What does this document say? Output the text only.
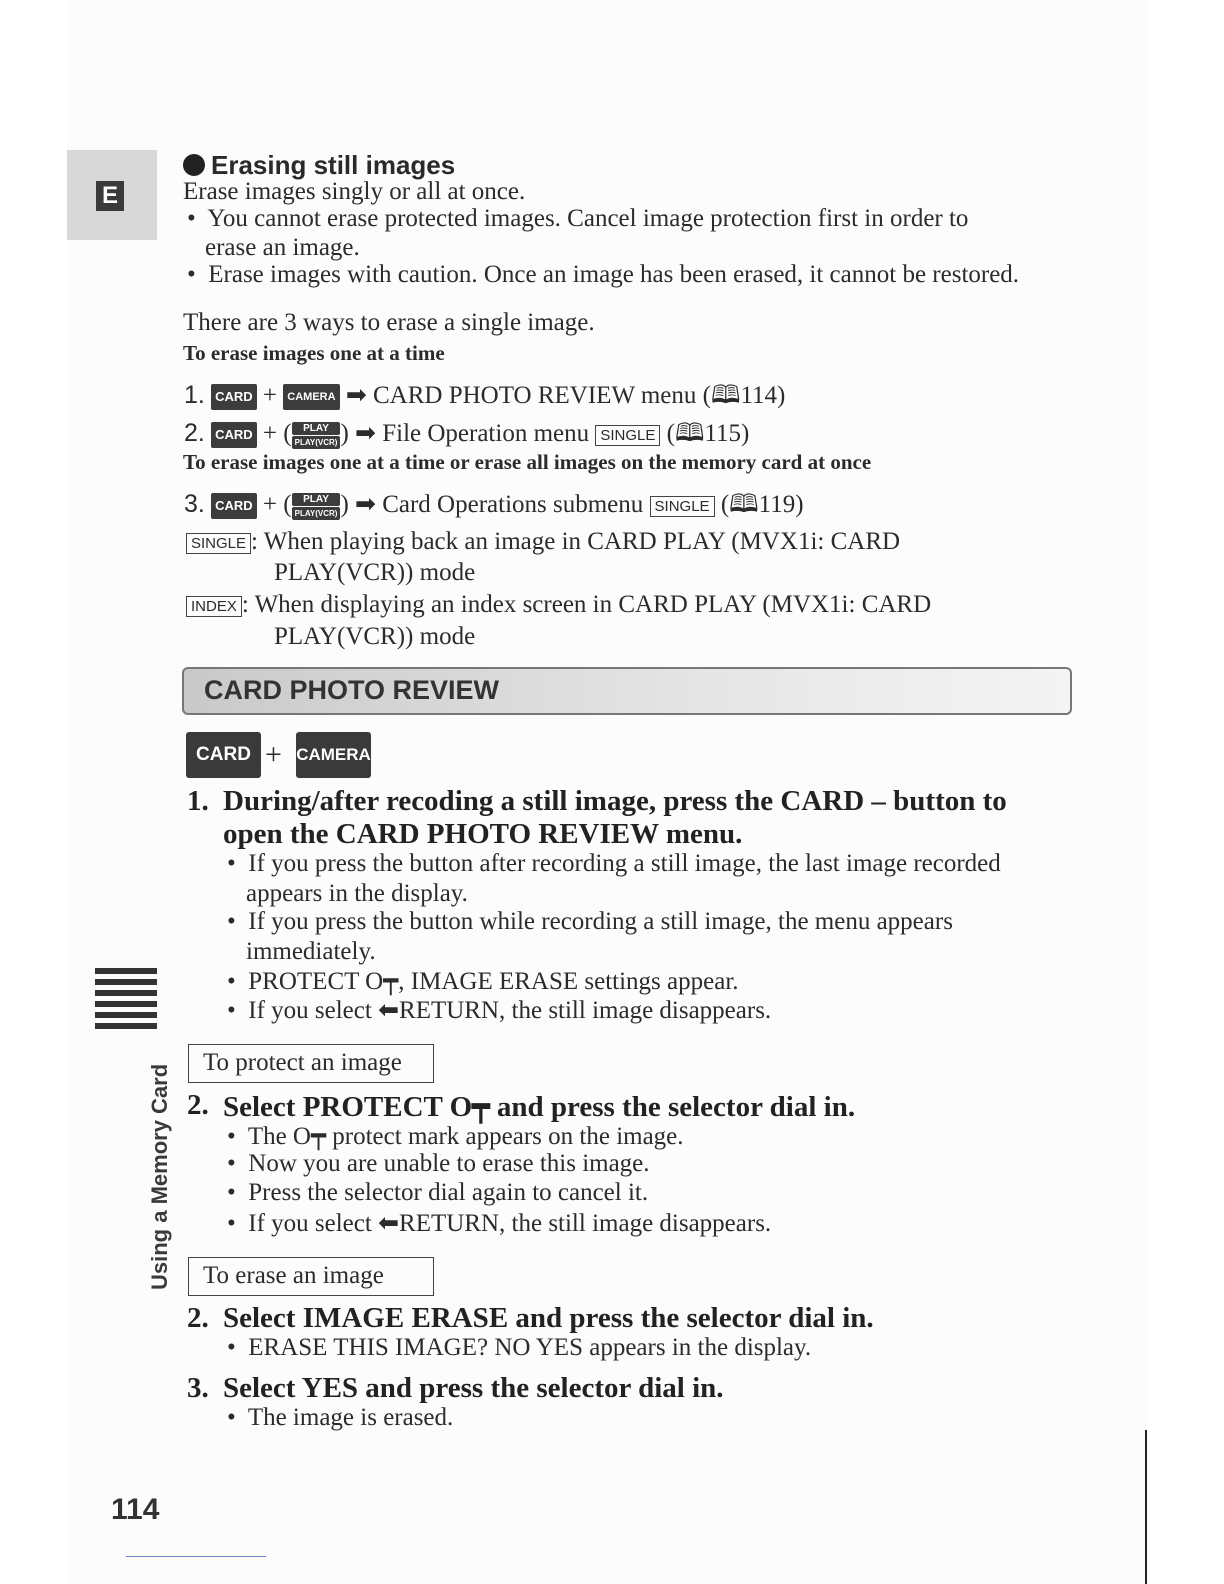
E
Using a Memory Card
Erasing still images
Erase images singly or all at once.
•  You cannot erase protected images. Cancel image protection first in order to
erase an image.
•  Erase images with caution. Once an image has been erased, it cannot be restored.
There are 3 ways to erase a single image.
To erase images one at a time
1. CARD + CAMERA ➡ CARD PHOTO REVIEW menu (🕮114)
2. CARD + (	PLAY
PLAY(VCR) ) ➡ File Operation menu SINGLE (🕮115)
To erase images one at a time or erase all images on the memory card at once
3. CARD + (	PLAY
PLAY(VCR) ) ➡ Card Operations submenu SINGLE (🕮119)
SINGLE : When playing back an image in CARD PLAY (MVX1i: CARD
PLAY(VCR)) mode
INDEX : When displaying an index screen in CARD PLAY (MVX1i: CARD
PLAY(VCR)) mode
CARD PHOTO REVIEW
CARD + CAMERA
1. During/after recoding a still image, press the CARD – button to
open the CARD PHOTO REVIEW menu.
•  If you press the button after recording a still image, the last image recorded
appears in the display.
•  If you press the button while recording a still image, the menu appears
immediately.
•  PROTECT O┯, IMAGE ERASE settings appear.
•  If you select ⬅RETURN, the still image disappears.
To protect an image
2. Select PROTECT O┯ and press the selector dial in.
•  The O┯ protect mark appears on the image.
•  Now you are unable to erase this image.
•  Press the selector dial again to cancel it.
•  If you select ⬅RETURN, the still image disappears.
To erase an image
2. Select IMAGE ERASE and press the selector dial in.
•  ERASE THIS IMAGE? NO YES appears in the display.
3. Select YES and press the selector dial in.
•  The image is erased.
114
